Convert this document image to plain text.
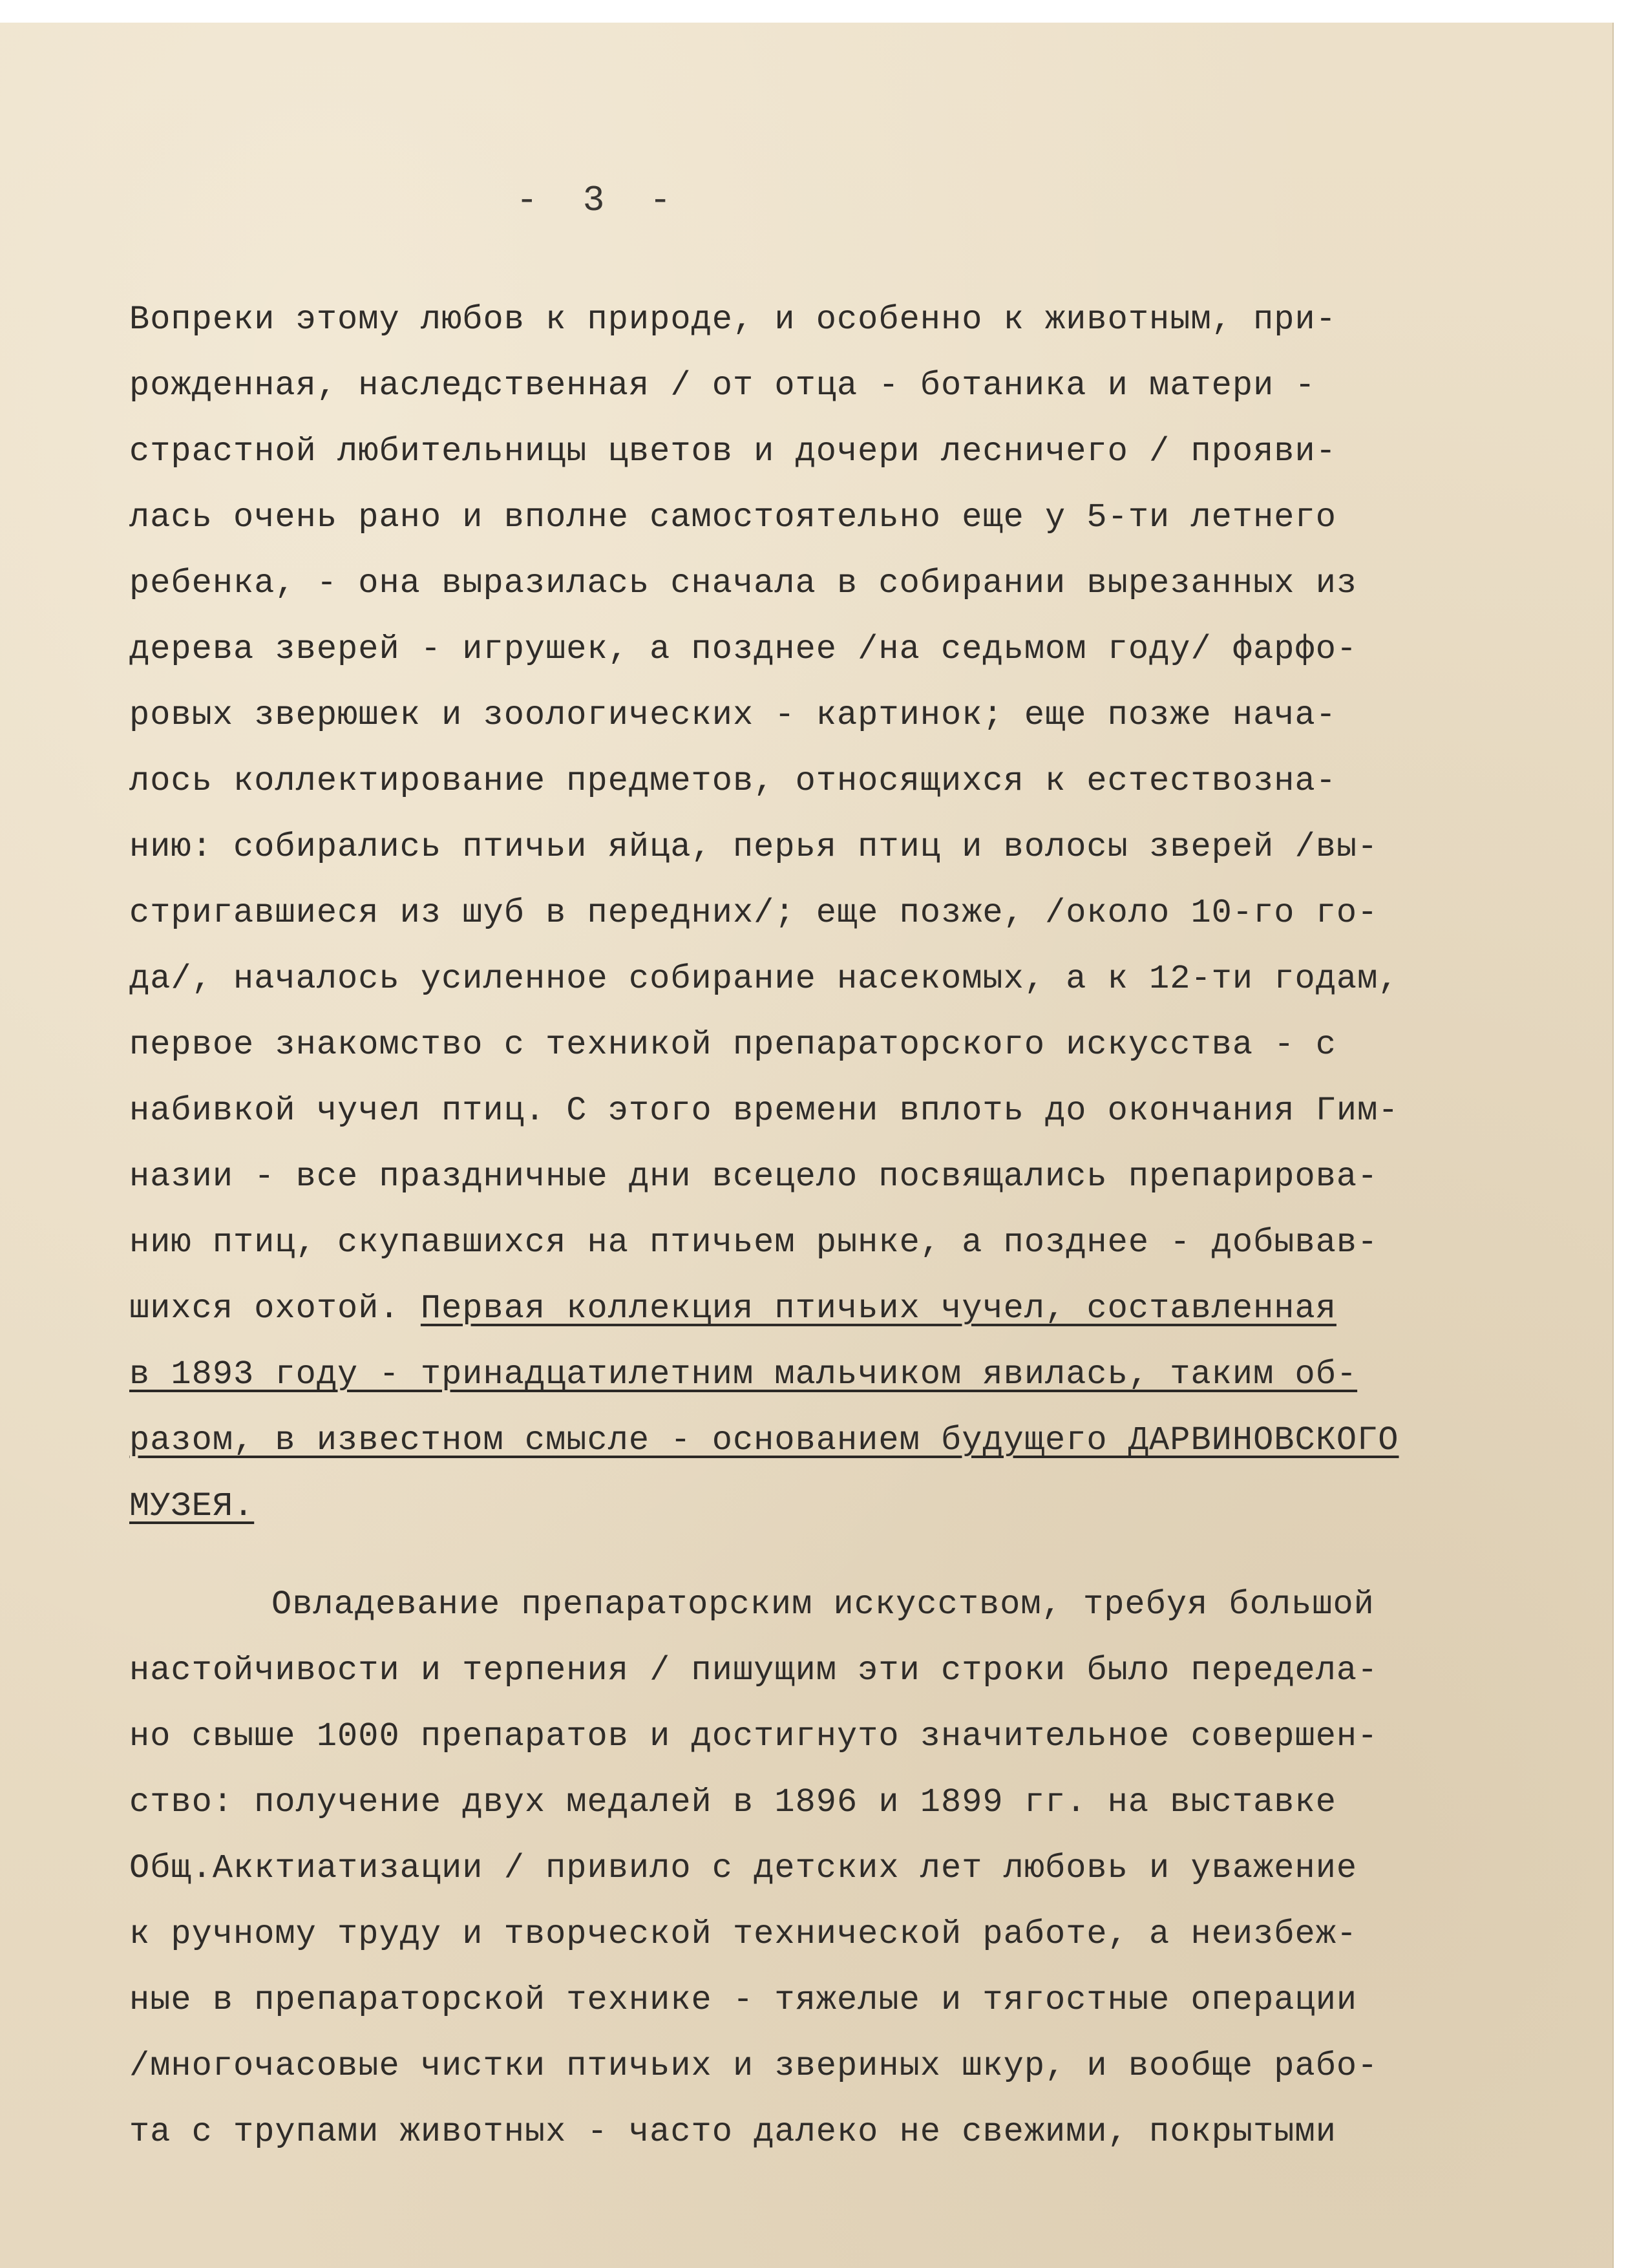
- 3 -
Вопреки этому любов к природе, и особенно к животным, при-
рожденная, наследственная / от отца - ботаника и матери -
страстной любительницы цветов и дочери лесничего / прояви-
лась очень рано и вполне самостоятельно еще у 5-ти летнего
ребенка, - она выразилась сначала в собирании вырезанных из
дерева зверей - игрушек, а позднее /на седьмом году/ фарфо-
ровых зверюшек и зоологических - картинок; еще позже нача-
лось коллектирование предметов, относящихся к естествозна-
нию: собирались птичьи яйца, перья птиц и волосы зверей /вы-
стригавшиеся из шуб в передних/; еще позже, /около 10-го го-
да/, началось усиленное собирание насекомых, а к 12-ти годам,
первое знакомство с техникой препараторского искусства - с
набивкой чучел птиц. С этого времени вплоть до окончания Гим-
назии - все праздничные дни всецело посвящались препарирова-
нию птиц, скупавшихся на птичьем рынке, а позднее - добывав-
шихся охотой. Первая коллекция птичьих чучел, составленная
в 1893 году - тринадцатилетним мальчиком явилась, таким об-
разом, в известном смысле - основанием будущего ДАРВИНОВСКОГО
МУЗЕЯ.
Овладевание препараторским искусством, требуя большой
настойчивости и терпения / пишущим эти строки было передела-
но свыше 1000 препаратов и достигнуто значительное совершен-
ство: получение двух медалей в 1896 и 1899 гг. на выставке
Общ.Акктиатизации / привило с детских лет любовь и уважение
к ручному труду и творческой технической работе, а неизбеж-
ные в препараторской технике - тяжелые и тягостные операции
/многочасовые чистки птичьих и звериных шкур, и вообще рабо-
та с трупами животных - часто далеко не свежими, покрытыми
